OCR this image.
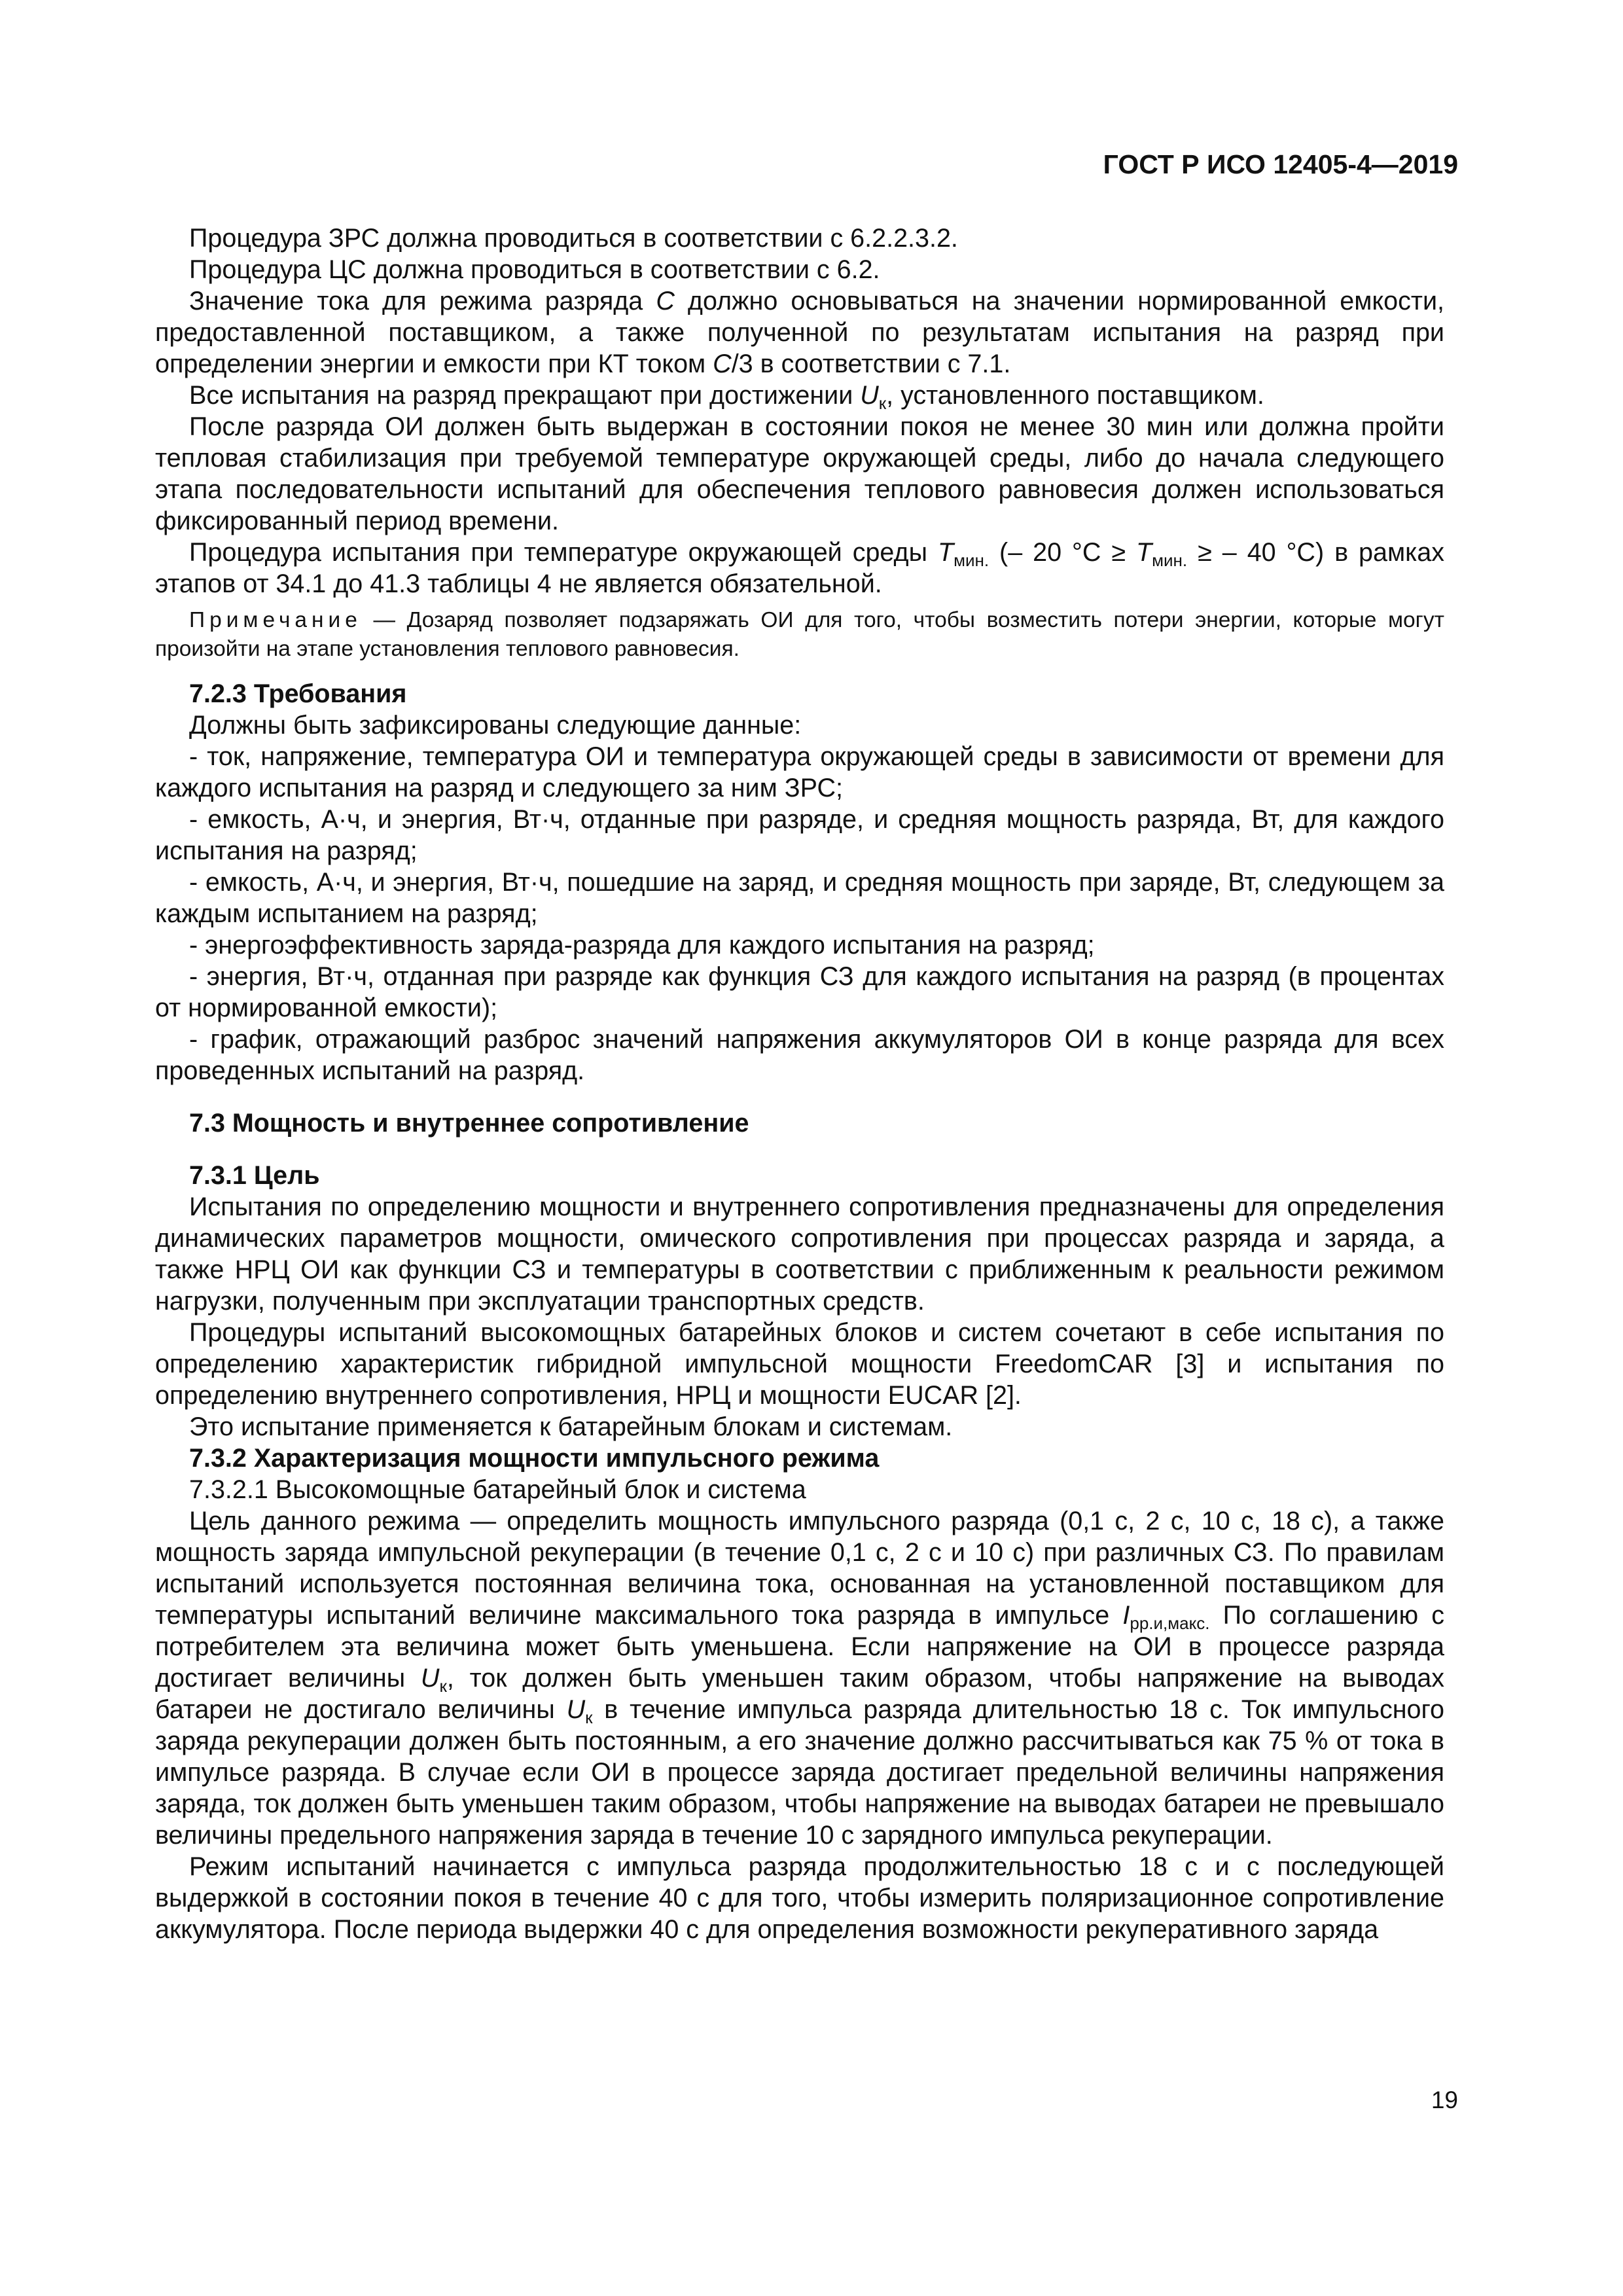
ГОСТ Р ИСО 12405-4—2019

Процедура ЗРС должна проводиться в соответствии с 6.2.2.3.2.

Процедура ЦС должна проводиться в соответствии с 6.2.

Значение тока для режима разряда С должно основываться на значении нормированной емкости, предоставленной поставщиком, а также полученной по результатам испытания на разряд при определении энергии и емкости при КТ током С/3 в соответствии с 7.1.

Все испытания на разряд прекращают при достижении $U_к$, установленного поставщиком.

После разряда ОИ должен быть выдержан в состоянии покоя не менее 30 мин или должна пройти тепловая стабилизация при требуемой температуре окружающей среды, либо до начала следующего этапа последовательности испытаний для обеспечения теплового равновесия должен использоваться фиксированный период времени.

Процедура испытания при температуре окружающей среды $Т_{мин.}$ (– 20 $^\circ С \ge Т_{мин.}$ ≥ – 40 °С) в рамках этапов от 34.1 до 41.3 таблицы 4 не является обязательной.

Примечание — Дозаряд позволяет подзаряжать ОИ для того, чтобы возместить потери энергии, которые могут произойти на этапе установления теплового равновесия.

7.2.3 Требования

Должны быть зафиксированы следующие данные:

- ток, напряжение, температура ОИ и температура окружающей среды в зависимости от времени для каждого испытания на разряд и следующего за ним ЗРС;

- емкость, А·ч, и энергия, Вт·ч, отданные при разряде, и средняя мощность разряда, Вт, для каждого испытания на разряд;

- емкость, А·ч, и энергия, Вт·ч, пошедшие на заряд, и средняя мощность при заряде, Вт, следующем за каждым испытанием на разряд;

- энергоэффективность заряда-разряда для каждого испытания на разряд;

- энергия, Вт·ч, отданная при разряде как функция СЗ для каждого испытания на разряд (в процентах от нормированной емкости);

- график, отражающий разброс значений напряжения аккумуляторов ОИ в конце разряда для всех проведенных испытаний на разряд.

7.3 Мощность и внутреннее сопротивление

7.3.1 Цель

Испытания по определению мощности и внутреннего сопротивления предназначены для определения динамических параметров мощности, омического сопротивления при процессах разряда и заряда, а также НРЦ ОИ как функции СЗ и температуры в соответствии с приближенным к реальности режимом нагрузки, полученным при эксплуатации транспортных средств.

Процедуры испытаний высокомощных батарейных блоков и систем сочетают в себе испытания по определению характеристик гибридной импульсной мощности FreedomCAR [3] и испытания по определению внутреннего сопротивления, НРЦ и мощности EUCAR [2].

Это испытание применяется к батарейным блокам и системам.

7.3.2 Характеризация мощности импульсного режима

7.3.2.1 Высокомощные батарейный блок и система

Цель данного режима — определить мощность импульсного разряда (0,1 с, 2 с, 10 с, 18 с), а также мощность заряда импульсной рекуперации (в течение 0,1 с, 2 с и 10 с) при различных СЗ. По правилам испытаний используется постоянная величина тока, основанная на установленной поставщиком для температуры испытаний величине максимального тока разряда в импульсе $I_{рр.и,макс.}$ По соглашению с потребителем эта величина может быть уменьшена. Если напряжение на ОИ в процессе разряда достигает величины $U_к$, ток должен быть уменьшен таким образом, чтобы напряжение на выводах батареи не достигало величины $U_к$ в течение импульса разряда длительностью 18 с. Ток импульсного заряда рекуперации должен быть постоянным, а его значение должно рассчитываться как 75 % от тока в импульсе разряда. В случае если ОИ в процессе заряда достигает предельной величины напряжения заряда, ток должен быть уменьшен таким образом, чтобы напряжение на выводах батареи не превышало величины предельного напряжения заряда в течение 10 с зарядного импульса рекуперации.

Режим испытаний начинается с импульса разряда продолжительностью 18 с и с последующей выдержкой в состоянии покоя в течение 40 с для того, чтобы измерить поляризационное сопротивление аккумулятора. После периода выдержки 40 с для определения возможности рекуперативного заряда

19
